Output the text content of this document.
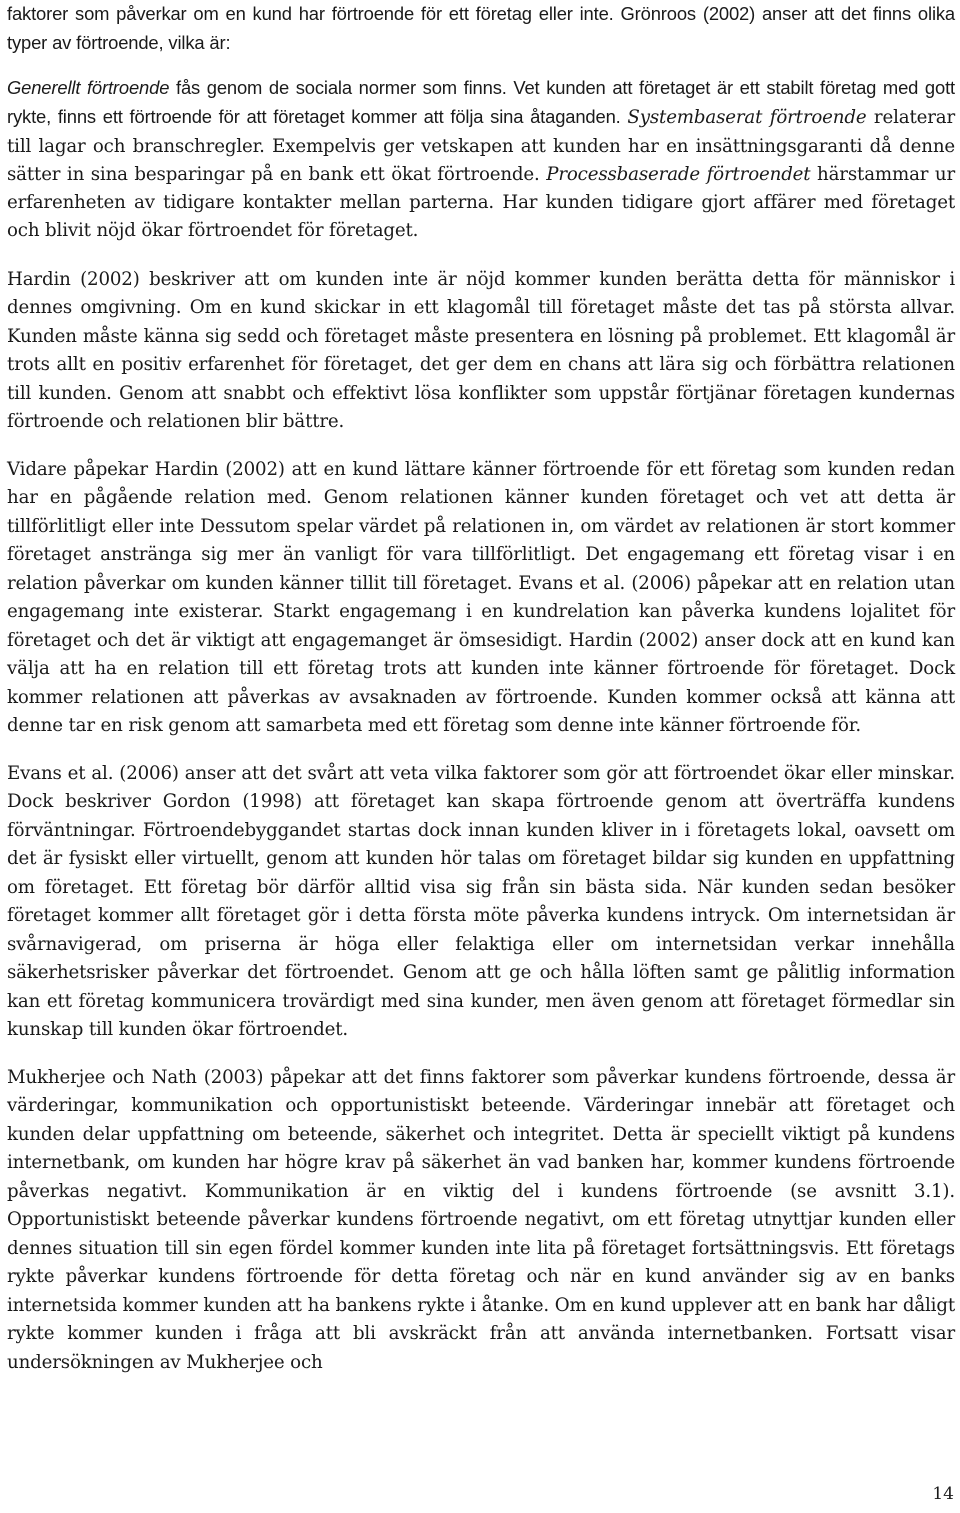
faktorer som påverkar om en kund har förtroende för ett företag eller inte. Grönroos (2002) anser att det finns olika typer av förtroende, vilka är:

Generellt förtroende fås genom de sociala normer som finns. Vet kunden att företaget är ett stabilt företag med gott rykte, finns ett förtroende för att företaget kommer att följa sina åtaganden. Systembaserat förtroende relaterar till lagar och branschregler. Exempelvis ger vetskapen att kunden har en insättningsgaranti då denne sätter in sina besparingar på en bank ett ökat förtroende. Processbaserade förtroendet härstammar ur erfarenheten av tidigare kontakter mellan parterna. Har kunden tidigare gjort affärer med företaget och blivit nöjd ökar förtroendet för företaget.

Hardin (2002) beskriver att om kunden inte är nöjd kommer kunden berätta detta för människor i dennes omgivning. Om en kund skickar in ett klagomål till företaget måste det tas på största allvar. Kunden måste känna sig sedd och företaget måste presentera en lösning på problemet. Ett klagomål är trots allt en positiv erfarenhet för företaget, det ger dem en chans att lära sig och förbättra relationen till kunden. Genom att snabbt och effektivt lösa konflikter som uppstår förtjänar företagen kundernas förtroende och relationen blir bättre.

Vidare påpekar Hardin (2002) att en kund lättare känner förtroende för ett företag som kunden redan har en pågående relation med. Genom relationen känner kunden företaget och vet att detta är tillförlitligt eller inte Dessutom spelar värdet på relationen in, om värdet av relationen är stort kommer företaget anstränga sig mer än vanligt för vara tillförlitligt. Det engagemang ett företag visar i en relation påverkar om kunden känner tillit till företaget. Evans et al. (2006) påpekar att en relation utan engagemang inte existerar. Starkt engagemang i en kundrelation kan påverka kundens lojalitet för företaget och det är viktigt att engagemanget är ömsesidigt. Hardin (2002) anser dock att en kund kan välja att ha en relation till ett företag trots att kunden inte känner förtroende för företaget. Dock kommer relationen att påverkas av avsaknaden av förtroende. Kunden kommer också att känna att denne tar en risk genom att samarbeta med ett företag som denne inte känner förtroende för.

Evans et al. (2006) anser att det svårt att veta vilka faktorer som gör att förtroendet ökar eller minskar. Dock beskriver Gordon (1998) att företaget kan skapa förtroende genom att överträffa kundens förväntningar. Förtroendebyggandet startas dock innan kunden kliver in i företagets lokal, oavsett om det är fysiskt eller virtuellt, genom att kunden hör talas om företaget bildar sig kunden en uppfattning om företaget. Ett företag bör därför alltid visa sig från sin bästa sida. När kunden sedan besöker företaget kommer allt företaget gör i detta första möte påverka kundens intryck. Om internetsidan är svårnavigerad, om priserna är höga eller felaktiga eller om internetsidan verkar innehålla säkerhetsrisker påverkar det förtroendet. Genom att ge och hålla löften samt ge pålitlig information kan ett företag kommunicera trovärdigt med sina kunder, men även genom att företaget förmedlar sin kunskap till kunden ökar förtroendet.

Mukherjee och Nath (2003) påpekar att det finns faktorer som påverkar kundens förtroende, dessa är värderingar, kommunikation och opportunistiskt beteende. Värderingar innebär att företaget och kunden delar uppfattning om beteende, säkerhet och integritet. Detta är speciellt viktigt på kundens internetbank, om kunden har högre krav på säkerhet än vad banken har, kommer kundens förtroende påverkas negativt. Kommunikation är en viktig del i kundens förtroende (se avsnitt 3.1). Opportunistiskt beteende påverkar kundens förtroende negativt, om ett företag utnyttjar kunden eller dennes situation till sin egen fördel kommer kunden inte lita på företaget fortsättningsvis. Ett företags rykte påverkar kundens förtroende för detta företag och när en kund använder sig av en banks internetsida kommer kunden att ha bankens rykte i åtanke. Om en kund upplever att en bank har dåligt rykte kommer kunden i fråga att bli avskräckt från att använda internetbanken. Fortsatt visar undersökningen av Mukherjee och

14
